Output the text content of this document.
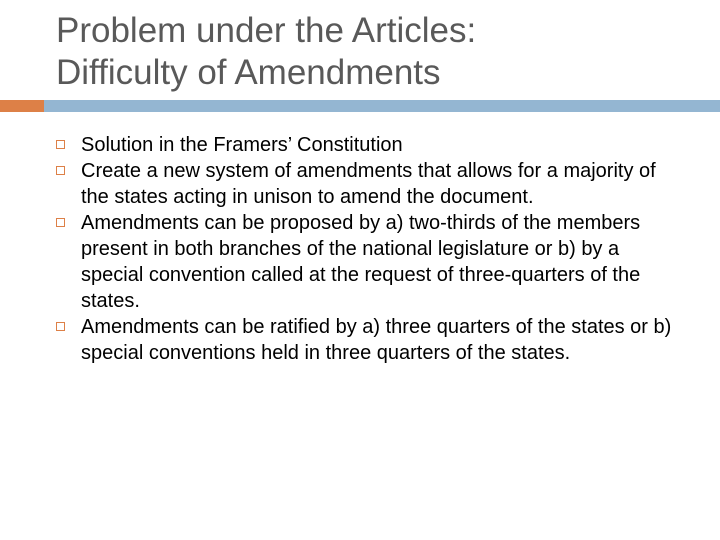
Problem under the Articles:
Difficulty of Amendments
Solution in the Framers’ Constitution
Create a new system of amendments that allows for a majority of the states acting in unison to amend the document.
Amendments can be proposed by a) two-thirds of the members present in both branches of the national legislature or b) by a special convention called at the request of three-quarters of the states.
Amendments can be ratified by a) three quarters of the states or b) special conventions held in three quarters of the states.
